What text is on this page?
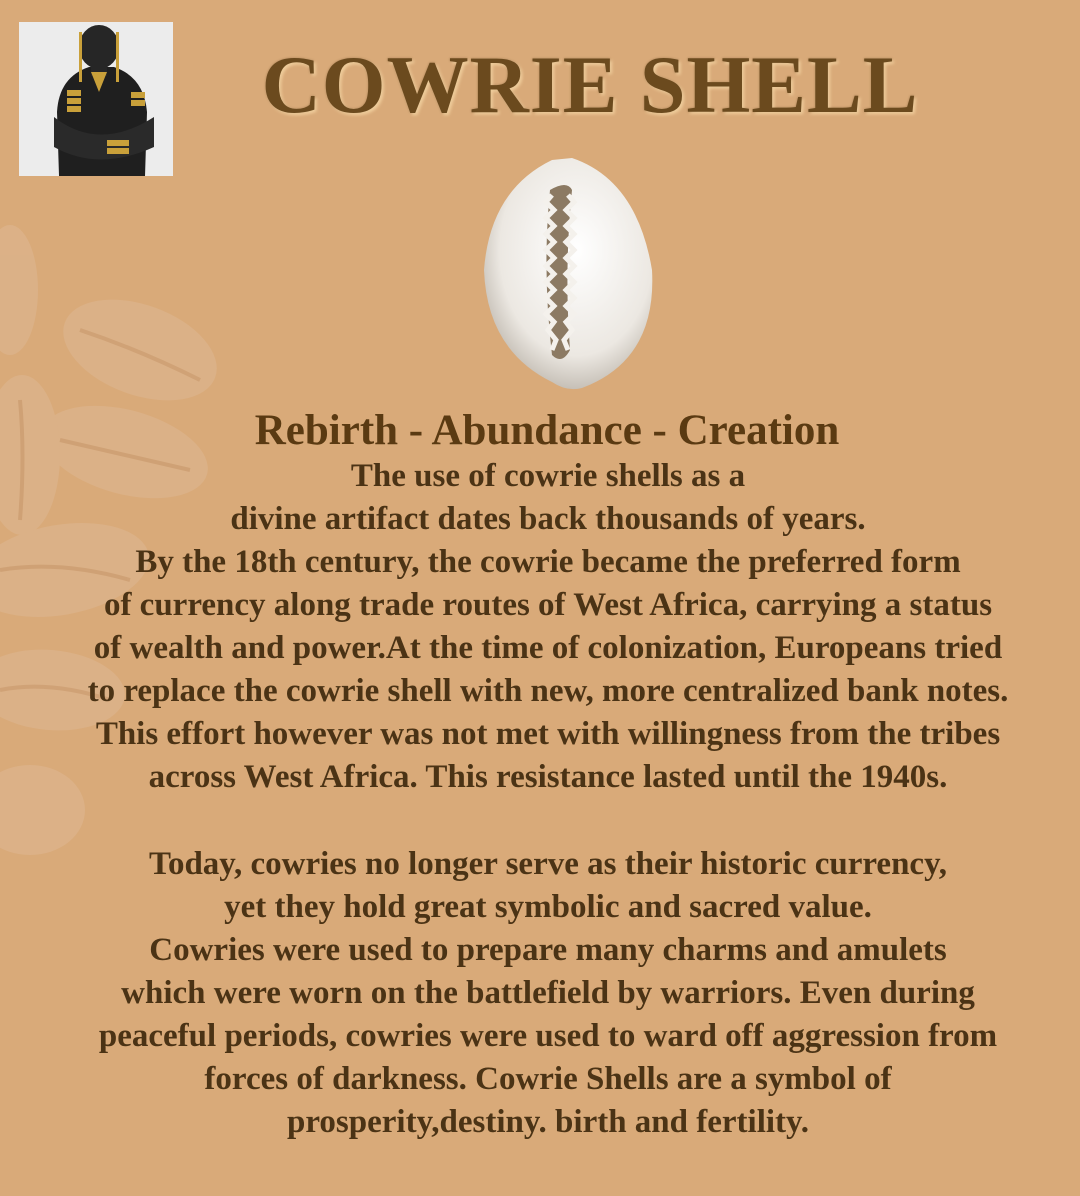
COWRIE SHELL
Rebirth - Abundance - Creation
The use of cowrie shells as a
divine artifact dates back thousands of years.
By the 18th century, the cowrie became the preferred form
of currency along trade routes of West Africa, carrying a status
of wealth and power.At the time of colonization, Europeans tried
to replace the cowrie shell with new, more centralized bank notes.
This effort however was not met with willingness from the tribes
across West Africa. This resistance lasted until the 1940s.
Today, cowries no longer serve as their historic currency,
yet they hold great symbolic and sacred value.
Cowries were used to prepare many charms and amulets
which were worn on the battlefield by warriors. Even during
peaceful periods, cowries were used to ward off aggression from
forces of darkness. Cowrie Shells are a symbol of
prosperity,destiny. birth and fertility.
